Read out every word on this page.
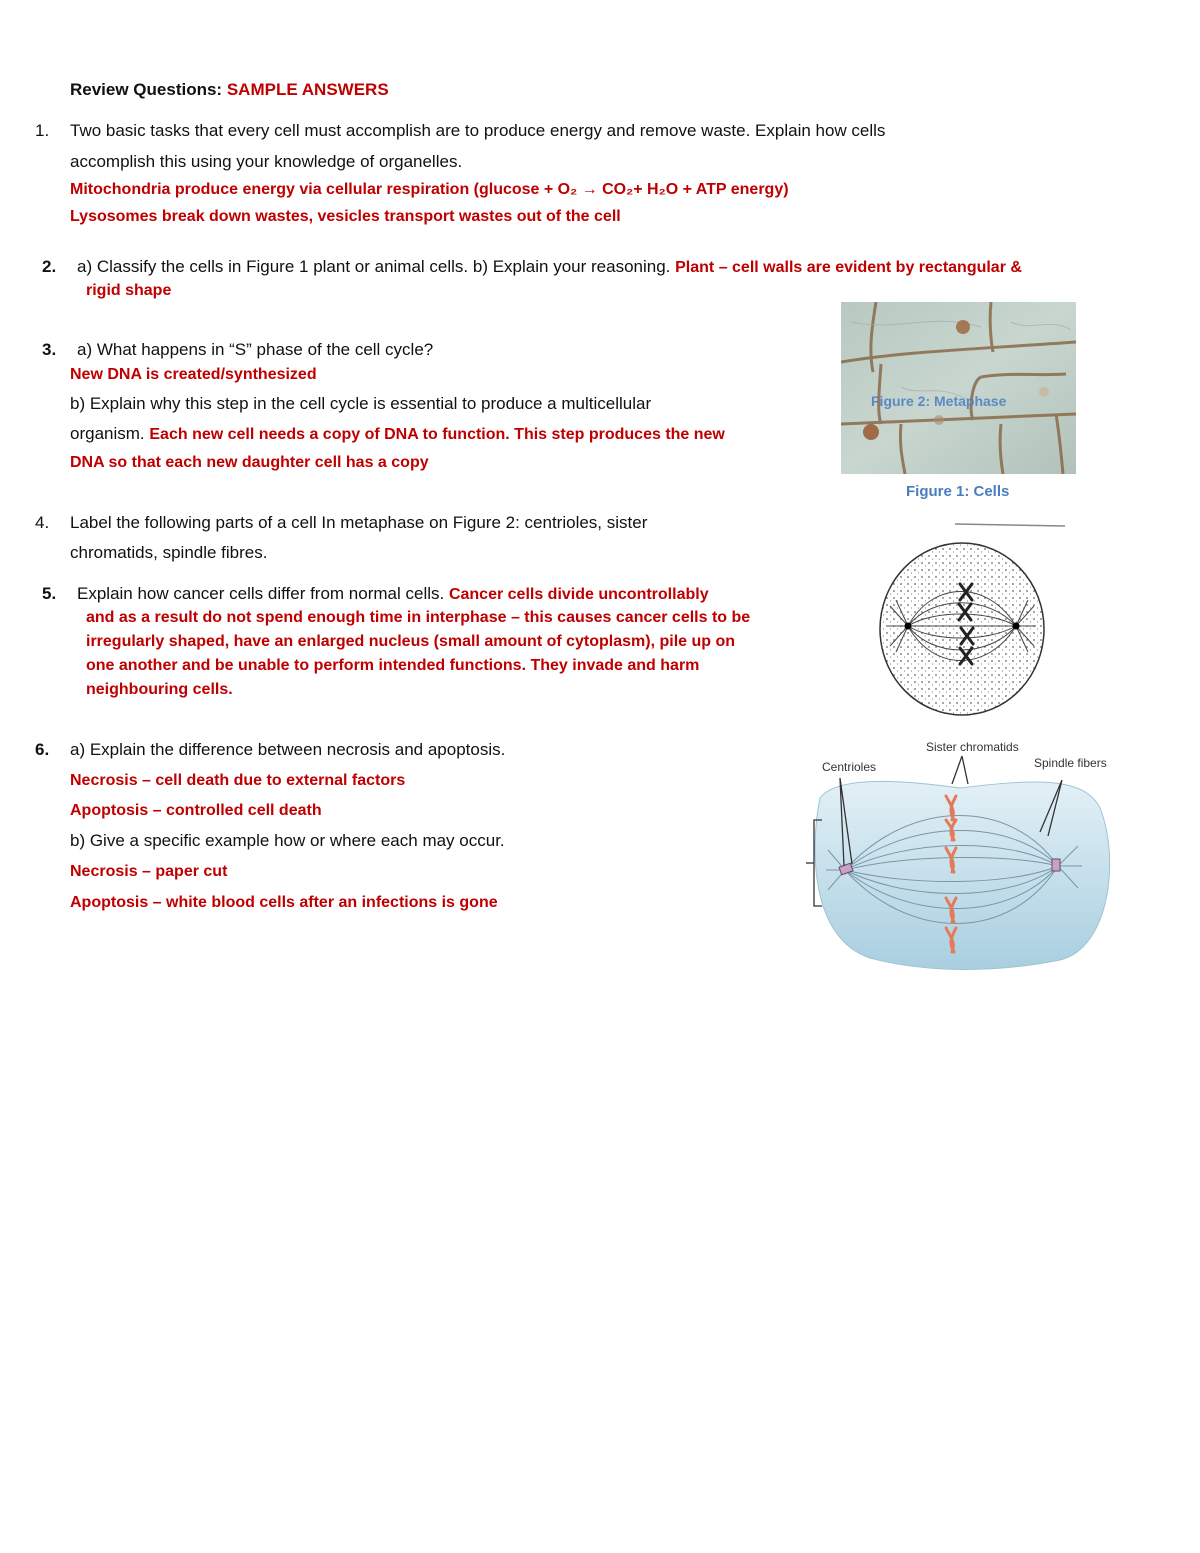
Review Questions: SAMPLE ANSWERS
1. Two basic tasks that every cell must accomplish are to produce energy and remove waste. Explain how cells
accomplish this using your knowledge of organelles.
Mitochondria produce energy via cellular respiration (glucose + O₂ → CO₂+ H₂O + ATP energy)
Lysosomes break down wastes, vesicles transport wastes out of the cell
2. a) Classify the cells in Figure 1 plant or animal cells. b) Explain your reasoning. Plant – cell walls are evident by rectangular &
rigid shape
3. a) What happens in “S” phase of the cell cycle?
New DNA is created/synthesized
b) Explain why this step in the cell cycle is essential to produce a multicellular
organism. Each new cell needs a copy of DNA to function. This step produces the new
DNA so that each new daughter cell has a copy
4. Label the following parts of a cell In metaphase on Figure 2: centrioles, sister
chromatids, spindle fibres.
5. Explain how cancer cells differ from normal cells. Cancer cells divide uncontrollably
and as a result do not spend enough time in interphase – this causes cancer cells to be
irregularly shaped, have an enlarged nucleus (small amount of cytoplasm), pile up on
one another and be unable to perform intended functions. They invade and harm
neighbouring cells.
6. a) Explain the difference between necrosis and apoptosis.
Necrosis – cell death due to external factors
Apoptosis – controlled cell death
b) Give a specific example how or where each may occur.
Necrosis – paper cut
Apoptosis – white blood cells after an infections is gone
Figure 2: Metaphase
Figure 1: Cells
Centrioles
Sister chromatids
Spindle fibers
